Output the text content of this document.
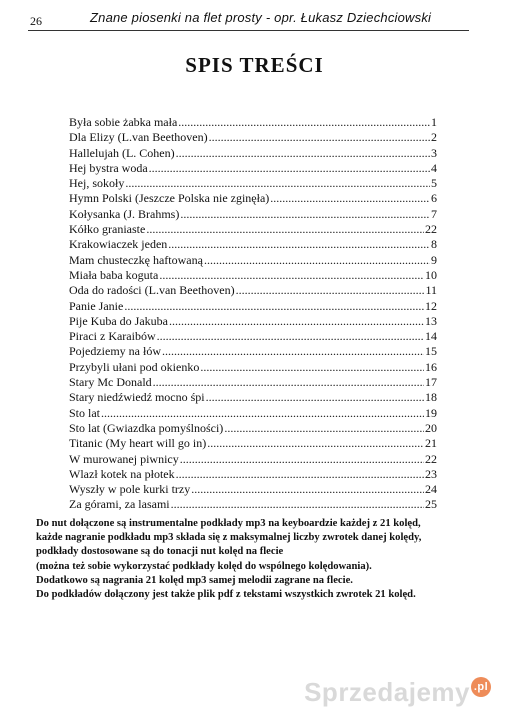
26	Znane piosenki na flet prosty - opr. Łukasz Dziechciowski
SPIS TREŚCI
Była sobie żabka mała .....	1
Dla Elizy (L.van Beethoven) .....	2
Hallelujah (L. Cohen) .....	3
Hej bystra woda .....	4
Hej, sokoły .....	5
Hymn Polski (Jeszcze Polska nie zginęła) .....	6
Kołysanka (J. Brahms) .....	7
Kółko graniaste .....	22
Krakowiaczek jeden .....	8
Mam chusteczkę haftowaną .....	9
Miała baba koguta .....	10
Oda do radości (L.van Beethoven) .....	11
Panie Janie .....	12
Pije Kuba do Jakuba .....	13
Piraci z Karaibów .....	14
Pojedziemy na łów .....	15
Przybyli ułani pod okienko .....	16
Stary Mc Donald .....	17
Stary niedźwiedź mocno śpi .....	18
Sto lat .....	19
Sto lat (Gwiazdka pomyślności) .....	20
Titanic (My heart will go in) .....	21
W murowanej piwnicy .....	22
Wlazł kotek na płotek .....	23
Wyszły w pole kurki trzy .....	24
Za górami, za lasami .....	25
Do nut dołączone są instrumentalne podkłady mp3 na keyboardzie każdej z 21 kolęd,
każde nagranie podkładu mp3 składa się z maksymalnej liczby zwrotek danej kolędy,
podkłady dostosowane są do tonacji nut kolęd na flecie
(można też sobie wykorzystać podkłady kolęd do wspólnego kolędowania).
Dodatkowo są nagrania 21 kolęd mp3 samej melodii zagrane na flecie.
Do podkładów dołączony jest także plik pdf z tekstami wszystkich zwrotek 21 kolęd.
Sprzedajemy .pl
